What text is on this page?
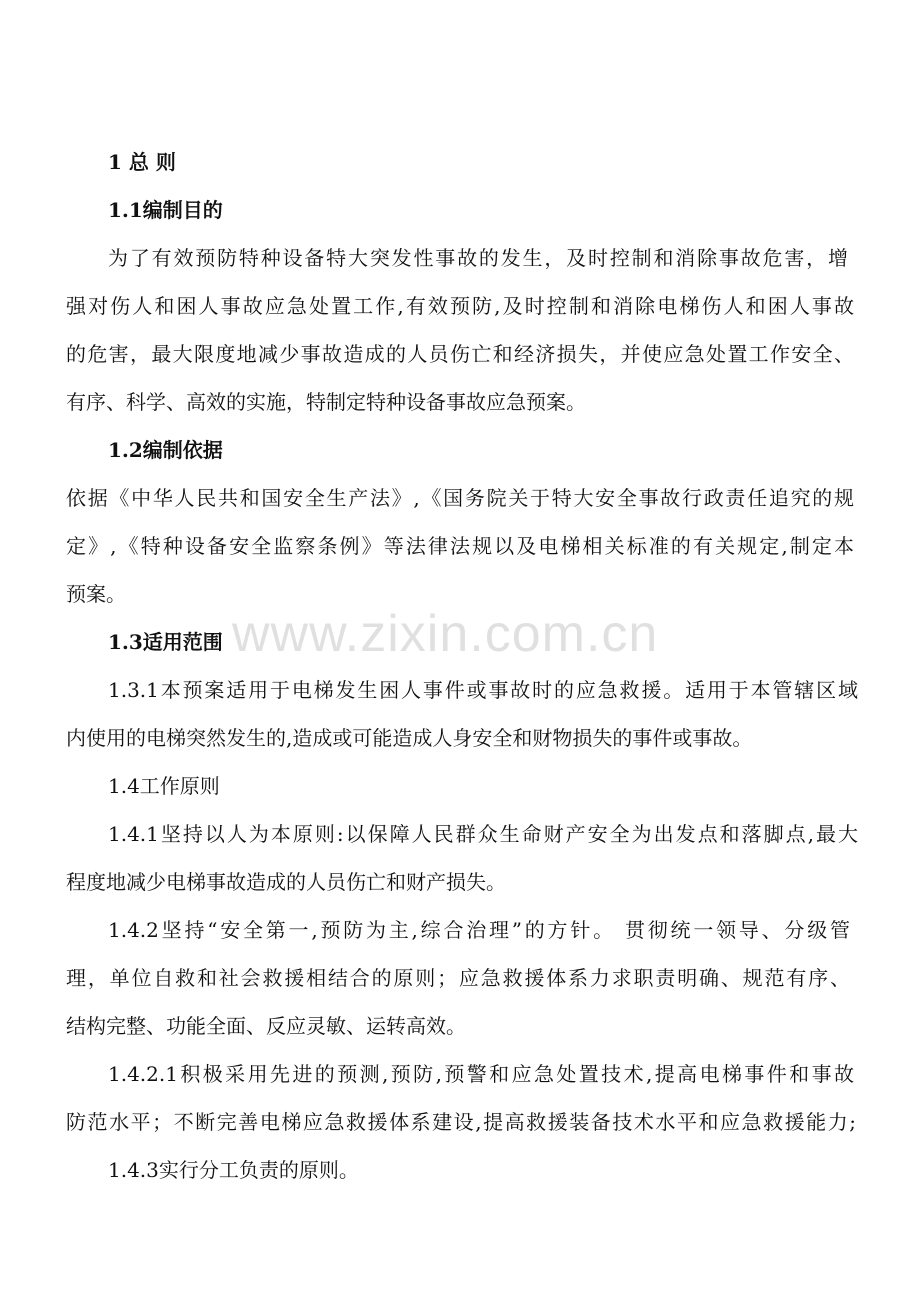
1 总 则
1.1编制目的
为了有效预防特种设备特大突发性事故的发生，及时控制和消除事故危害，增
强对伤人和困人事故应急处置工作,有效预防,及时控制和消除电梯伤人和困人事故
的危害，最大限度地减少事故造成的人员伤亡和经济损失，并使应急处置工作安全、
有序、科学、高效的实施，特制定特种设备事故应急预案。
1.2编制依据
依据《中华人民共和国安全生产法》,《国务院关于特大安全事故行政责任追究的规
定》,《特种设备安全监察条例》等法律法规以及电梯相关标准的有关规定,制定本
预案。
1.3适用范围
1.3.1本预案适用于电梯发生困人事件或事故时的应急救援。适用于本管辖区域
内使用的电梯突然发生的,造成或可能造成人身安全和财物损失的事件或事故。
1.4工作原则
1.4.1坚持以人为本原则:以保障人民群众生命财产安全为出发点和落脚点,最大
程度地减少电梯事故造成的人员伤亡和财产损失。
1.4.2坚持“安全第一,预防为主,综合治理”的方针。 贯彻统一领导、分级管
理，单位自救和社会救援相结合的原则；应急救援体系力求职责明确、规范有序、
结构完整、功能全面、反应灵敏、运转高效。
1.4.2.1积极采用先进的预测,预防,预警和应急处置技术,提高电梯事件和事故
防范水平；不断完善电梯应急救援体系建设,提高救援装备技术水平和应急救援能力;
1.4.3实行分工负责的原则。
www.zixin.com.cn
